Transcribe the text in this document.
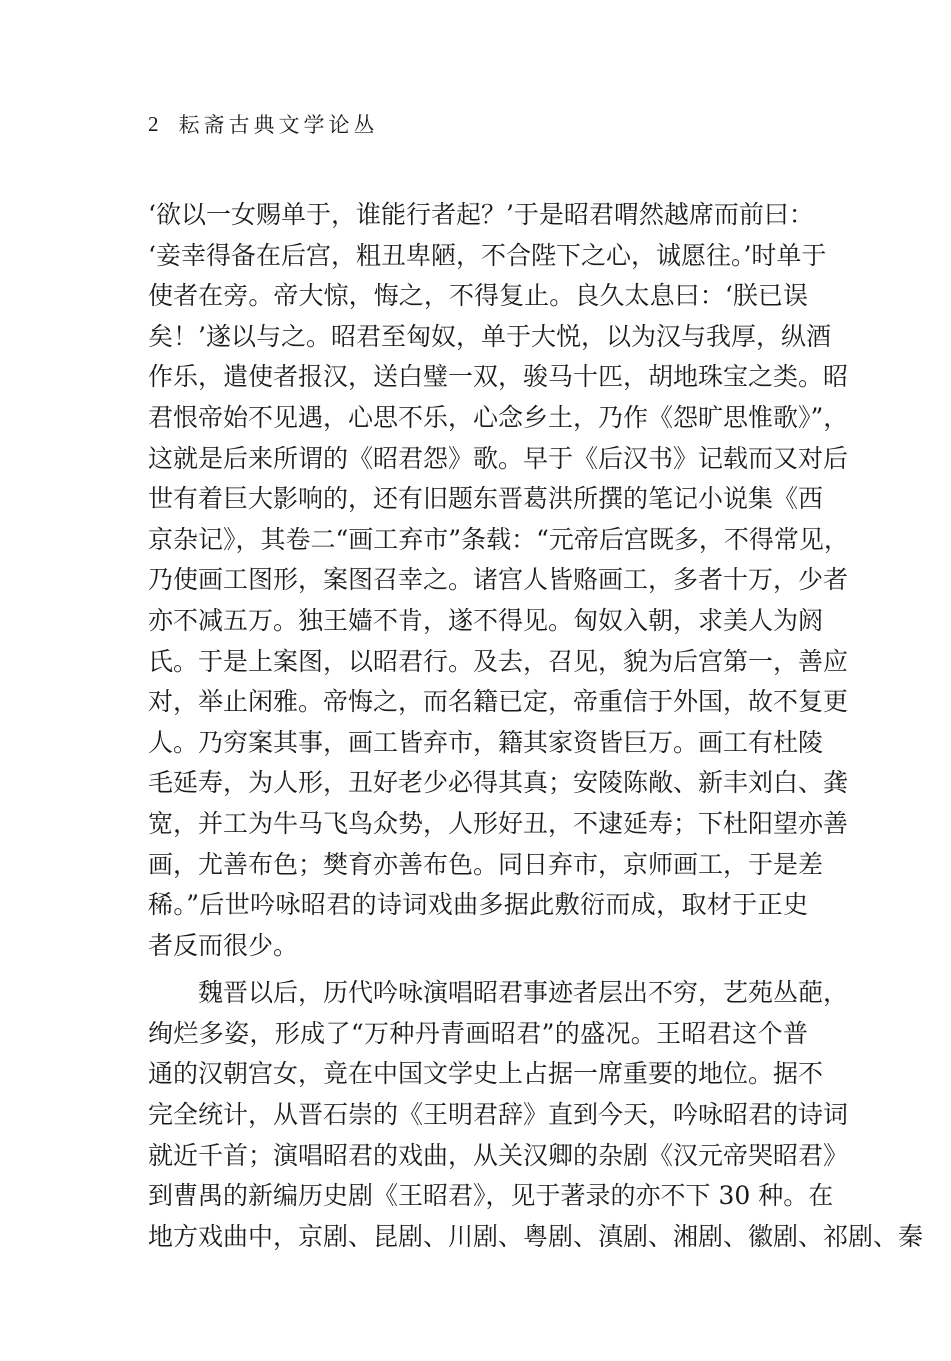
2 耘斋古典文学论丛
‘欲以一女赐单于，谁能行者起？’于是昭君喟然越席而前曰：
‘妾幸得备在后宫，粗丑卑陋，不合陛下之心，诚愿往。’时单于
使者在旁。帝大惊，悔之，不得复止。良久太息曰：‘朕已误
矣！’遂以与之。昭君至匈奴，单于大悦，以为汉与我厚，纵酒
作乐，遣使者报汉，送白璧一双，骏马十匹，胡地珠宝之类。昭
君恨帝始不见遇，心思不乐，心念乡土，乃作《怨旷思惟歌》”，
这就是后来所谓的《昭君怨》歌。早于《后汉书》记载而又对后
世有着巨大影响的，还有旧题东晋葛洪所撰的笔记小说集《西
京杂记》，其卷二“画工弃市”条载：“元帝后宫既多，不得常见，
乃使画工图形，案图召幸之。诸宫人皆赂画工，多者十万，少者
亦不减五万。独王嫱不肯，遂不得见。匈奴入朝，求美人为阏
氏。于是上案图，以昭君行。及去，召见，貌为后宫第一，善应
对，举止闲雅。帝悔之，而名籍已定，帝重信于外国，故不复更
人。乃穷案其事，画工皆弃市，籍其家资皆巨万。画工有杜陵
毛延寿，为人形，丑好老少必得其真；安陵陈敞、新丰刘白、龚
宽，并工为牛马飞鸟众势，人形好丑，不逮延寿；下杜阳望亦善
画，尤善布色；樊育亦善布色。同日弃市，京师画工，于是差
稀。”后世吟咏昭君的诗词戏曲多据此敷衍而成，取材于正史
者反而很少。
魏晋以后，历代吟咏演唱昭君事迹者层出不穷，艺苑丛葩，
绚烂多姿，形成了“万种丹青画昭君”的盛况。王昭君这个普
通的汉朝宫女，竟在中国文学史上占据一席重要的地位。据不
完全统计，从晋石崇的《王明君辞》直到今天，吟咏昭君的诗词
就近千首；演唱昭君的戏曲，从关汉卿的杂剧《汉元帝哭昭君》
到曹禺的新编历史剧《王昭君》，见于著录的亦不下 30 种。在
地方戏曲中，京剧、昆剧、川剧、粤剧、滇剧、湘剧、徽剧、祁剧、秦
